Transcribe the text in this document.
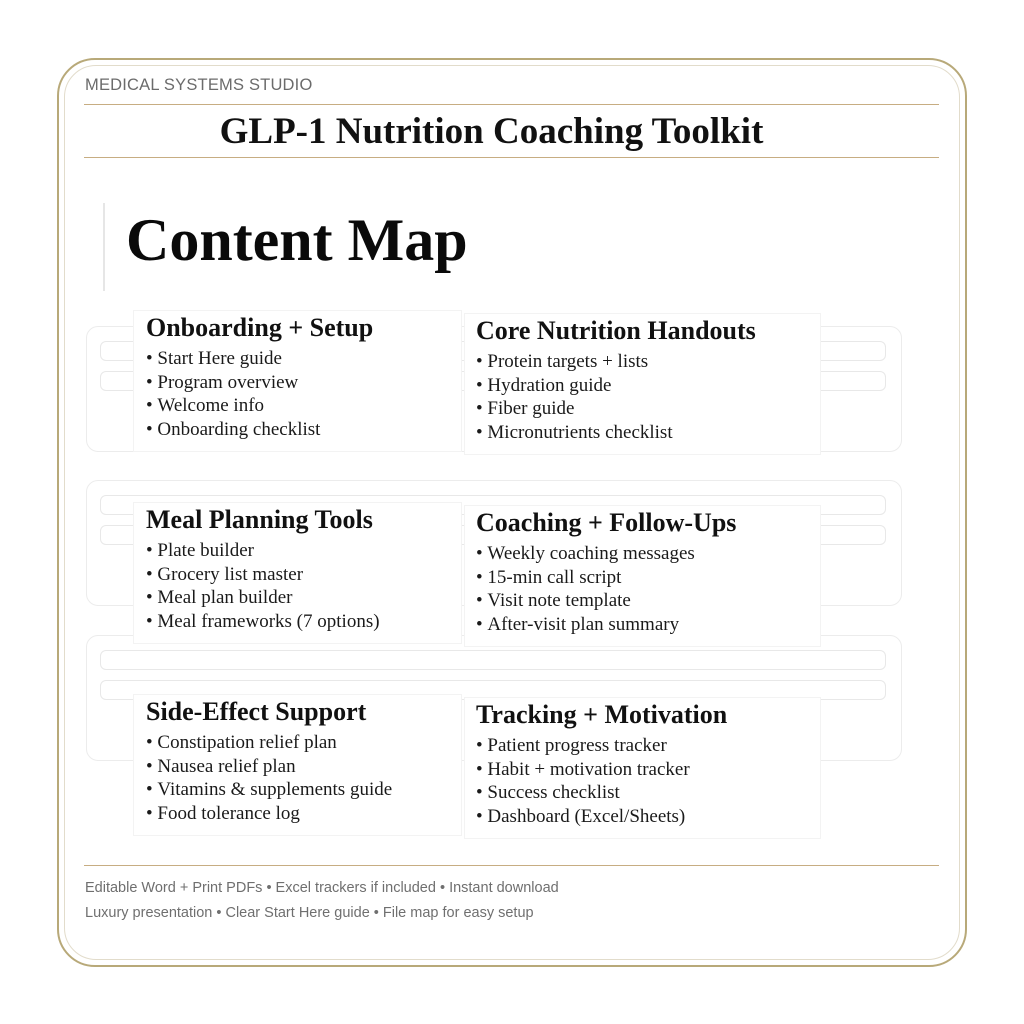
MEDICAL SYSTEMS STUDIO
GLP-1 Nutrition Coaching Toolkit
Content Map
Onboarding + Setup
• Start Here guide
• Program overview
• Welcome info
• Onboarding checklist
Core Nutrition Handouts
• Protein targets + lists
• Hydration guide
• Fiber guide
• Micronutrients checklist
Meal Planning Tools
• Plate builder
• Grocery list master
• Meal plan builder
• Meal frameworks (7 options)
Coaching + Follow-Ups
• Weekly coaching messages
• 15-min call script
• Visit note template
• After-visit plan summary
Side-Effect Support
• Constipation relief plan
• Nausea relief plan
• Vitamins & supplements guide
• Food tolerance log
Tracking + Motivation
• Patient progress tracker
• Habit + motivation tracker
• Success checklist
• Dashboard (Excel/Sheets)
Editable Word + Print PDFs • Excel trackers if included • Instant download
Luxury presentation • Clear Start Here guide • File map for easy setup
